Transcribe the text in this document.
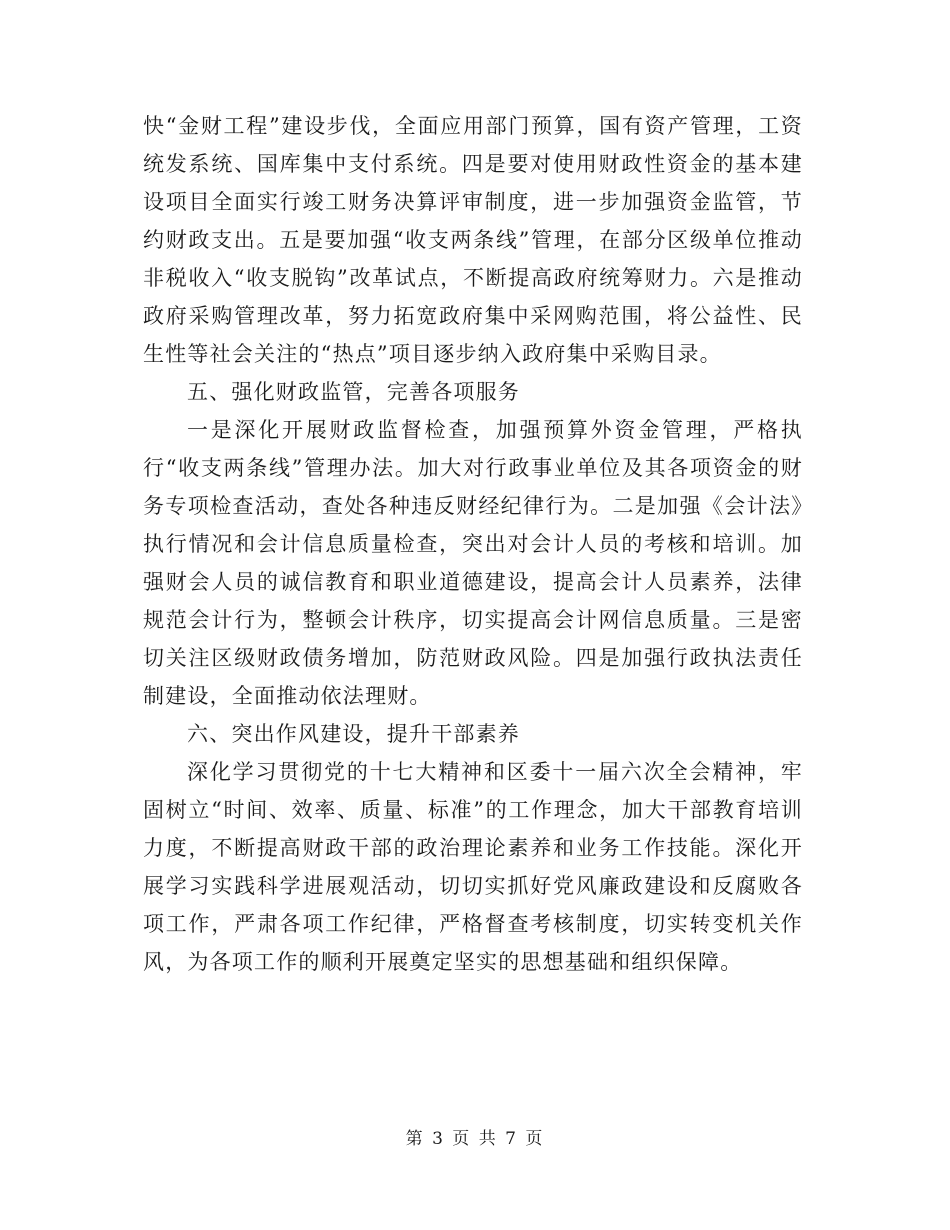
快“金财工程”建设步伐，全面应用部门预算，国有资产管理，工资统发系统、国库集中支付系统。四是要对使用财政性资金的基本建设项目全面实行竣工财务决算评审制度，进一步加强资金监管，节约财政支出。五是要加强“收支两条线”管理，在部分区级单位推动非税收入“收支脱钩”改革试点，不断提高政府统筹财力。六是推动政府采购管理改革，努力拓宽政府集中采网购范围，将公益性、民生性等社会关注的“热点”项目逐步纳入政府集中采购目录。

五、强化财政监管，完善各项服务

一是深化开展财政监督检查，加强预算外资金管理，严格执行“收支两条线”管理办法。加大对行政事业单位及其各项资金的财务专项检查活动，查处各种违反财经纪律行为。二是加强《会计法》执行情况和会计信息质量检查，突出对会计人员的考核和培训。加强财会人员的诚信教育和职业道德建设，提高会计人员素养，法律规范会计行为，整顿会计秩序，切实提高会计网信息质量。三是密切关注区级财政债务增加，防范财政风险。四是加强行政执法责任制建设，全面推动依法理财。

六、突出作风建设，提升干部素养

深化学习贯彻党的十七大精神和区委十一届六次全会精神，牢固树立“时间、效率、质量、标准”的工作理念，加大干部教育培训力度，不断提高财政干部的政治理论素养和业务工作技能。深化开展学习实践科学进展观活动，切切实抓好党风廉政建设和反腐败各项工作，严肃各项工作纪律，严格督查考核制度，切实转变机关作风，为各项工作的顺利开展奠定坚实的思想基础和组织保障。

第 3 页 共 7 页
